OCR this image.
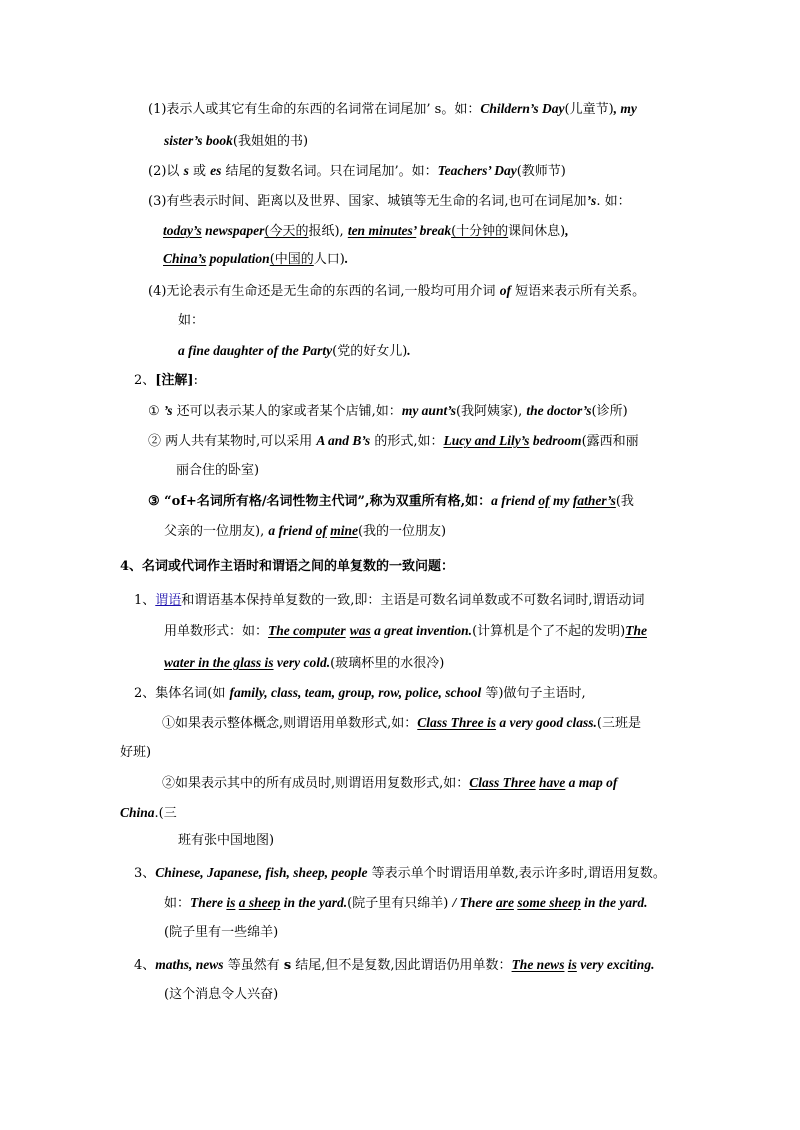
(1)表示人或其它有生命的东西的名词常在词尾加’ s。如：Childern’s Day(儿童节), my
sister’s book(我姐姐的书)
(2)以 s 或 es 结尾的复数名词。只在词尾加’。如：Teachers’ Day(教师节)
(3)有些表示时间、距离以及世界、国家、城镇等无生命的名词,也可在词尾加’s. 如：
today’s newspaper(今天的报纸), ten minutes’ break(十分钟的课间休息),
China’s population(中国的人口).
(4)无论表示有生命还是无生命的东西的名词,一般均可用介词 of 短语来表示所有关系。
如：
a fine daughter of the Party(党的好女儿).
2、[注解]:
① ’s 还可以表示某人的家或者某个店铺,如：my aunt’s(我阿姨家), the doctor’s(诊所)
② 两人共有某物时,可以采用 A and B’s 的形式,如：Lucy and Lily’s bedroom(露西和丽
丽合住的卧室)
③ “of+名词所有格/名词性物主代词”,称为双重所有格,如：a friend of my father’s(我
父亲的一位朋友), a friend of mine(我的一位朋友)
4、名词或代词作主语时和谓语之间的单复数的一致问题：
1、谓语和谓语基本保持单复数的一致,即：主语是可数名词单数或不可数名词时,谓语动词
用单数形式：如：The computer was a great invention.(计算机是个了不起的发明)The
water in the glass is very cold.(玻璃杯里的水很冷)
2、集体名词(如 family, class, team, group, row, police, school 等)做句子主语时,
①如果表示整体概念,则谓语用单数形式,如：Class Three is a very good class.(三班是
好班)
②如果表示其中的所有成员时,则谓语用复数形式,如：Class Three have a map of
China.(三
班有张中国地图)
3、Chinese, Japanese, fish, sheep, people 等表示单个时谓语用单数,表示许多时,谓语用复数。
如：There is a sheep in the yard.(院子里有只绵羊) / There are some sheep in the yard.
(院子里有一些绵羊)
4、maths, news 等虽然有 s 结尾,但不是复数,因此谓语仍用单数：The news is very exciting.
(这个消息令人兴奋)
